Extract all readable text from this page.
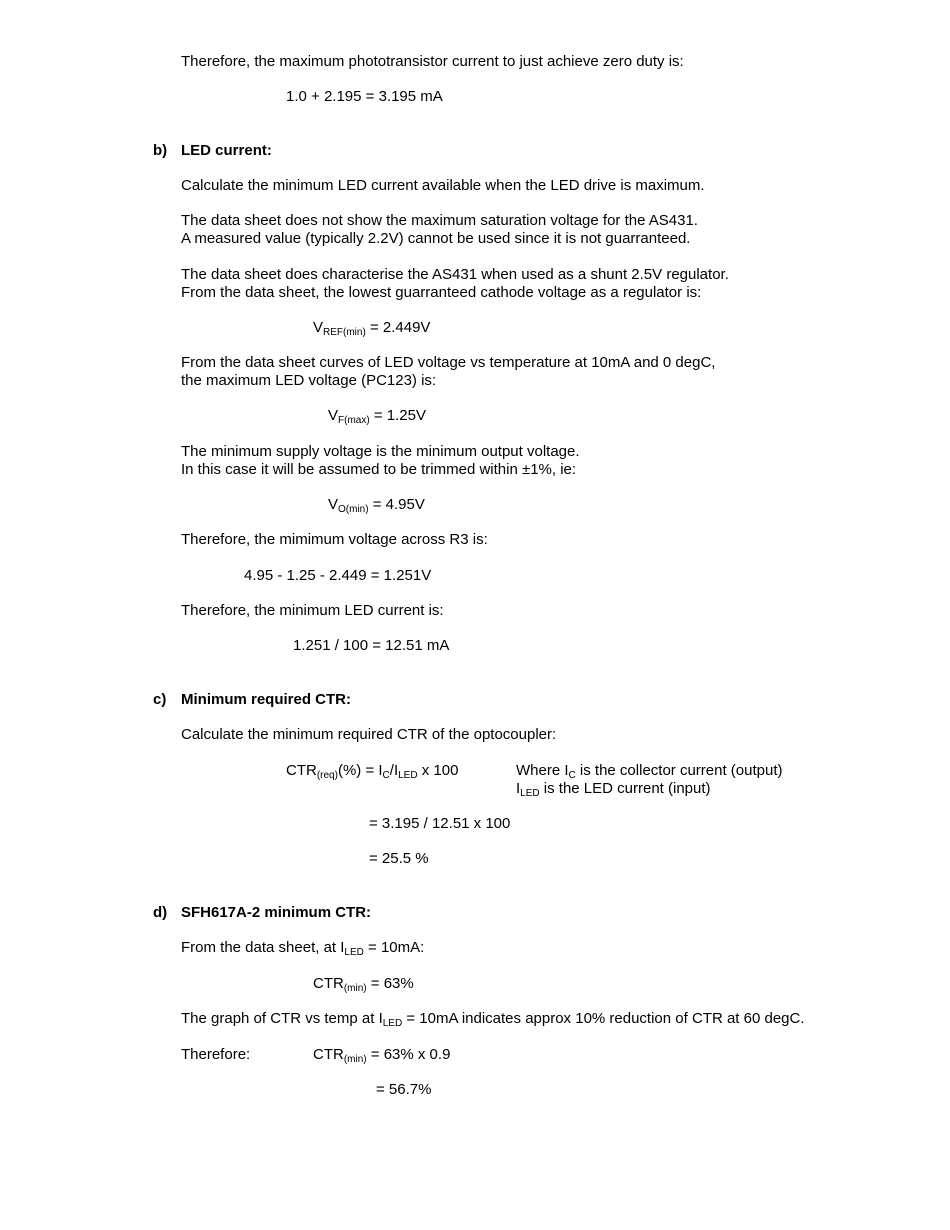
Therefore, the maximum phototransistor current to just achieve zero duty is:

1.0 + 2.195 = 3.195 mA

b) LED current:

Calculate the minimum LED current available when the LED drive is maximum.

The data sheet does not show the maximum saturation voltage for the AS431.

A measured value (typically 2.2V) cannot be used since it is not guarranteed.

The data sheet does characterise the AS431 when used as a shunt 2.5V regulator.

From the data sheet, the lowest guarranteed cathode voltage as a regulator is:

$V_{REF(min)} = 2.449V$

From the data sheet curves of LED voltage vs temperature at 10mA and 0 degC,

the maximum LED voltage (PC123) is:

$V_{F(max)} = 1.25V$

The minimum supply voltage is the minimum output voltage.

In this case it will be assumed to be trimmed within ±1%, ie:

$V_{O(min)} = 4.95V$

Therefore, the mimimum voltage across R3 is:

4.95 - 1.25 - 2.449 = 1.251V

Therefore, the minimum LED current is:

1.251 / 100 = 12.51 mA

c) Minimum required CTR:

Calculate the minimum required CTR of the optocoupler:

$CTR_{(req)}(\%) = I_C/I_{LED}$ x 100	Where $I_C$ is the collector current (output)

$I_{LED}$ is the LED current (input)

= 3.195 / 12.51 x 100

= 25.5 %

d) SFH617A-2 minimum CTR:

From the data sheet, at $I_{LED} = 10mA$:

$CTR_{(min)} = 63\%$

The graph of CTR vs temp at $I_{LED} = 10mA$ indicates approx 10% reduction of CTR at 60 degC.

Therefore:	$CTR_{(min)} = 63\%$ x 0.9

= 56.7%
